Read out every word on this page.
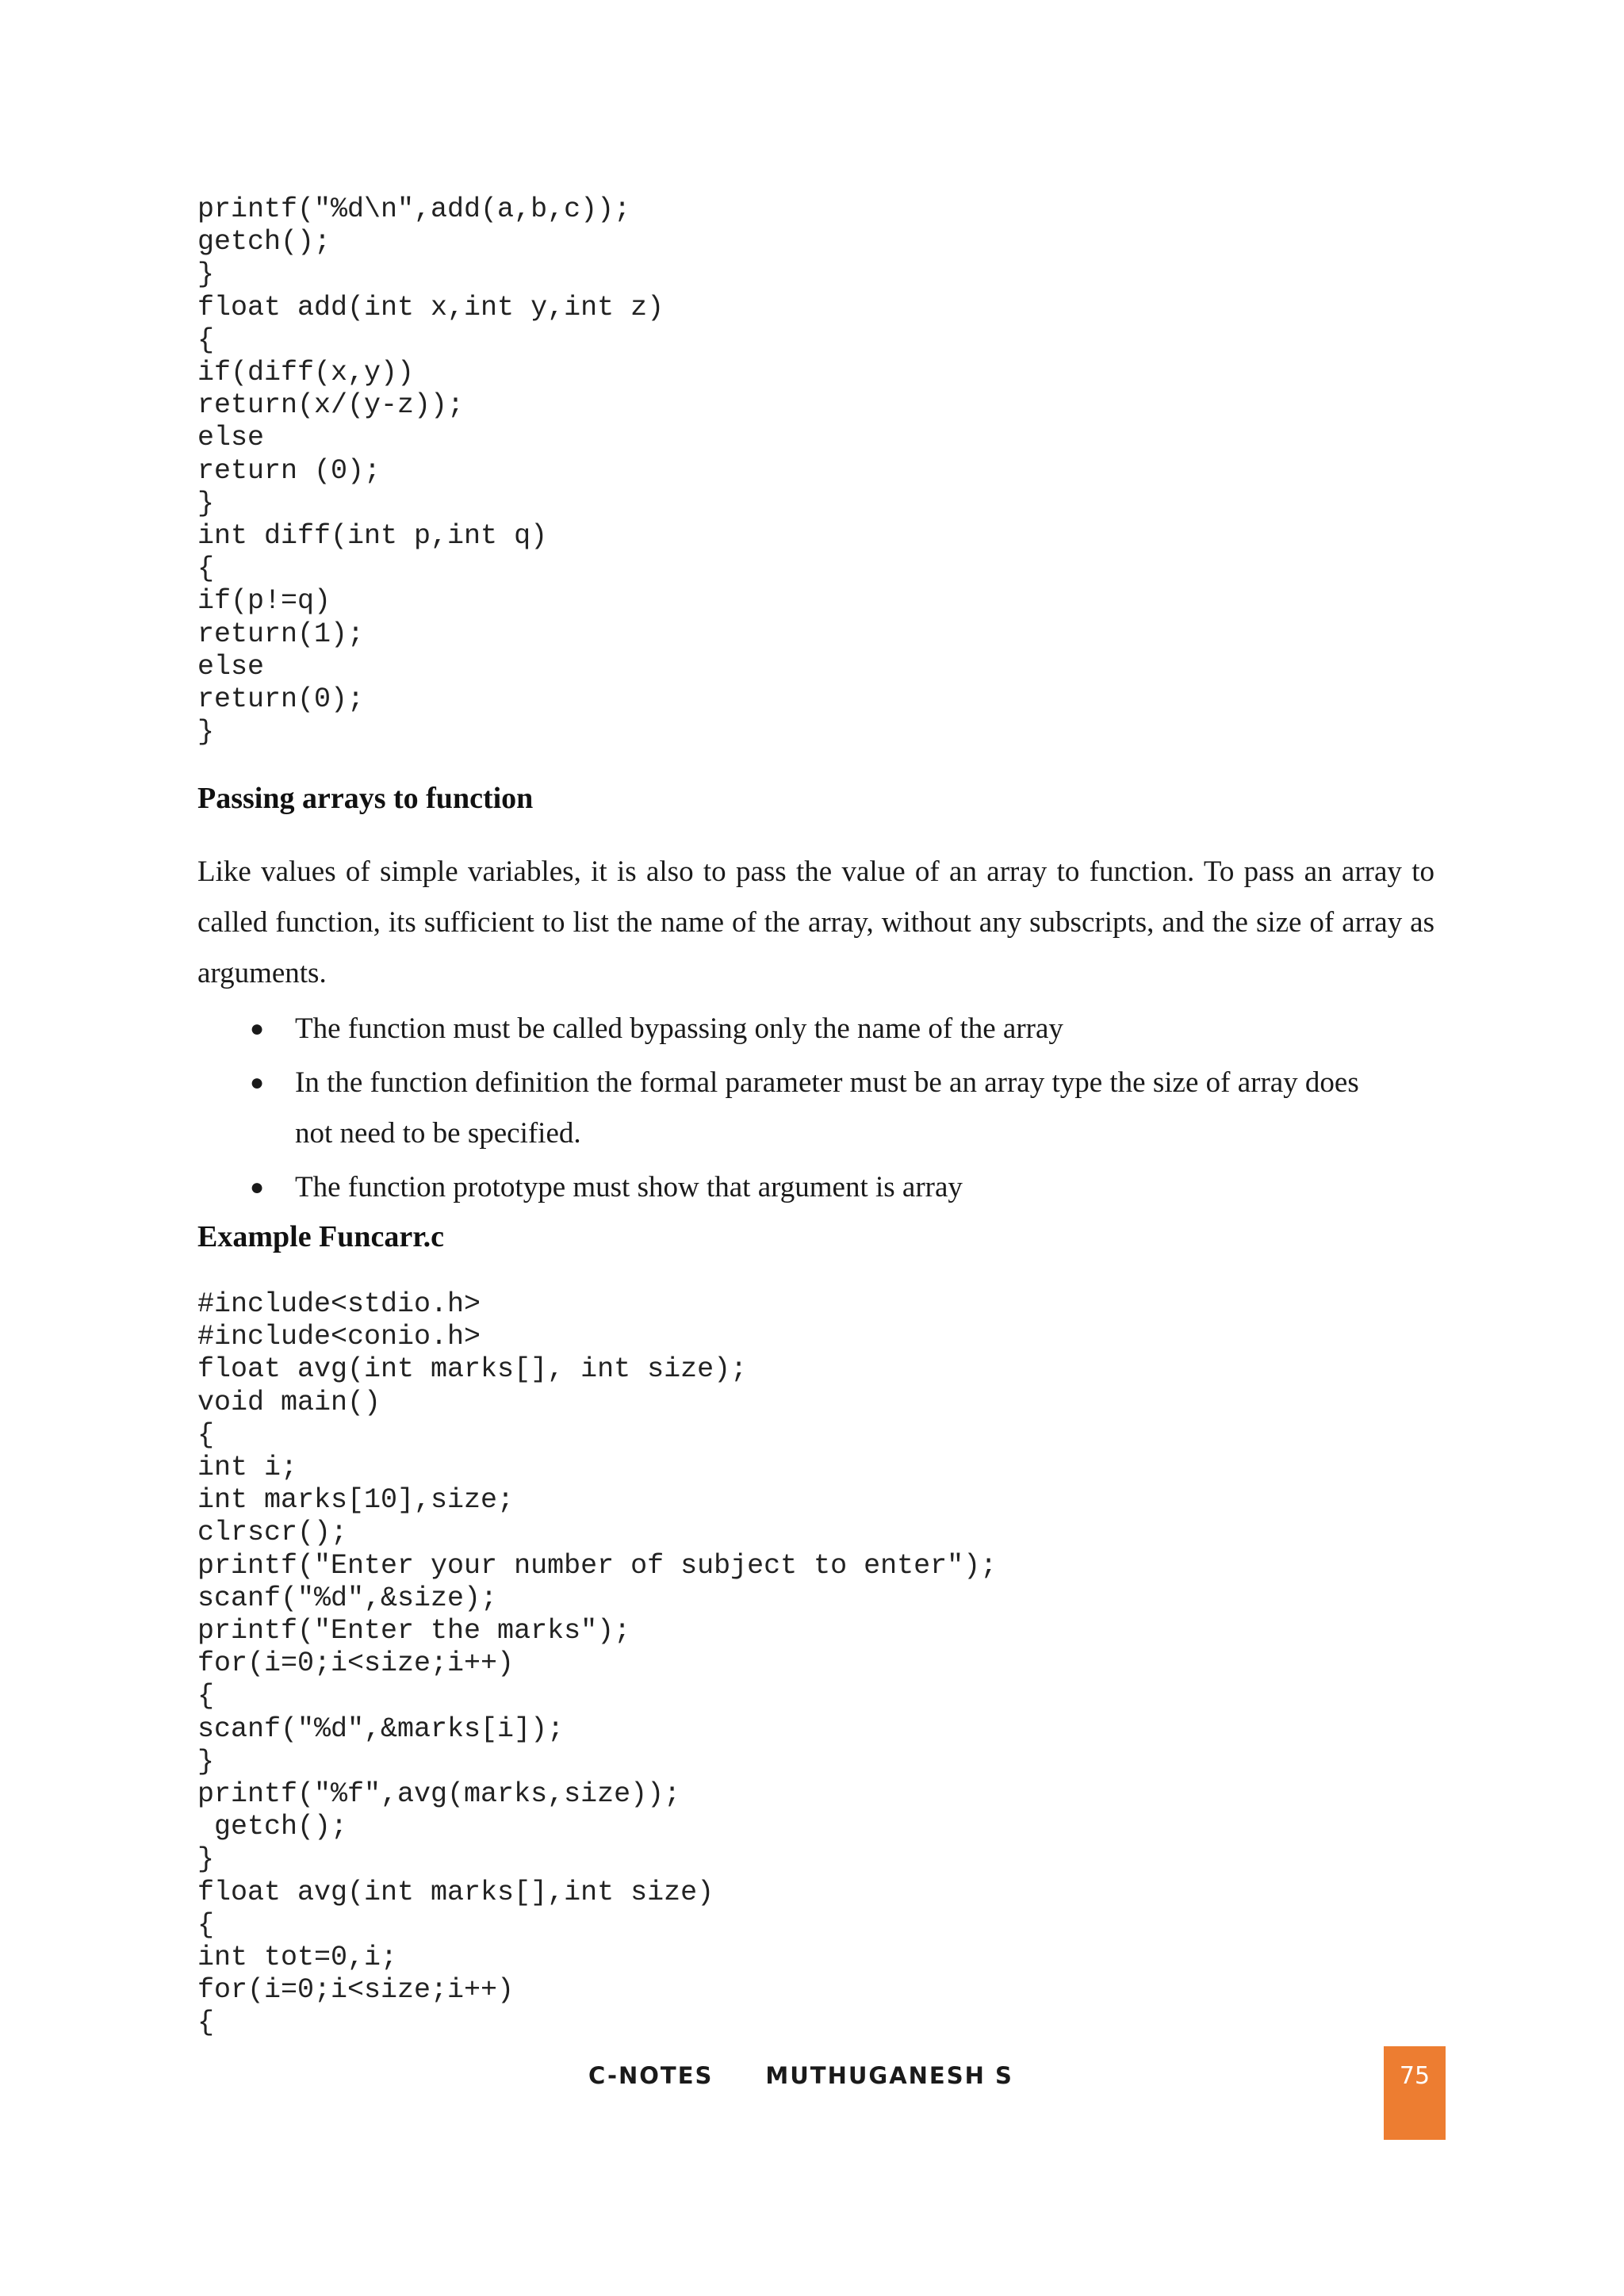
printf("%d\n",add(a,b,c));
getch();
}
float add(int x,int y,int z)
{
if(diff(x,y))
return(x/(y-z));
else
return (0);
}
int diff(int p,int q)
{
if(p!=q)
return(1);
else
return(0);
}
Passing arrays to function

Like values of simple variables, it is also to pass the value of an array to function. To pass an array to called function, its sufficient to list the name of the array, without any subscripts, and the size of array as arguments.

● The function must be called bypassing only the name of the array
● In the function definition the formal parameter must be an array type the size of array does not need to be specified.
● The function prototype must show that argument is array
Example Funcarr.c
#include<stdio.h>
#include<conio.h>
float avg(int marks[], int size);
void main()
{
int i;
int marks[10],size;
clrscr();
printf("Enter your number of subject to enter");
scanf("%d",&size);
printf("Enter the marks");
for(i=0;i<size;i++)
{
scanf("%d",&marks[i]);
}
printf("%f",avg(marks,size));
getch();
}
float avg(int marks[],int size)
{
int tot=0,i;
for(i=0;i<size;i++)
{
C-NOTES MUTHUGANESH S	75
